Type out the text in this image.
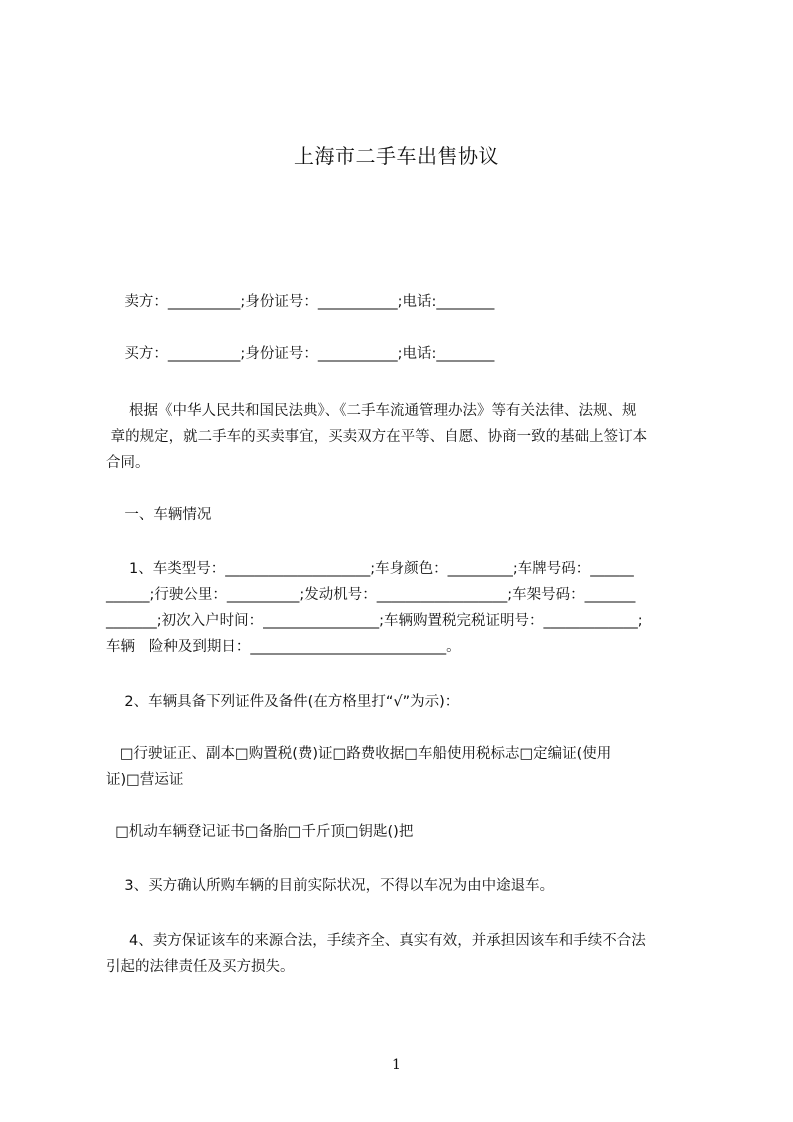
上海市二手车出售协议
卖方：__________;身份证号：___________;电话:________
买方：__________;身份证号：___________;电话:________
根据《中华人民共和国民法典》、《二手车流通管理办法》等有关法律、法规、规
章的规定，就二手车的买卖事宜，买卖双方在平等、自愿、协商一致的基础上签订本
合同。
一、车辆情况
1、车类型号：____________________;车身颜色：_________;车牌号码：______
______;行驶公里：__________;发动机号：__________________;车架号码：_______
_______;初次入户时间：________________;车辆购置税完税证明号：_____________;
车辆   险种及到期日：___________________________。
2、车辆具备下列证件及备件(在方格里打“√”为示)：
□行驶证正、副本□购置税(费)证□路费收据□车船使用税标志□定编证(使用
证)□营运证
□机动车辆登记证书□备胎□千斤顶□钥匙()把
3、买方确认所购车辆的目前实际状况，不得以车况为由中途退车。
4、卖方保证该车的来源合法，手续齐全、真实有效，并承担因该车和手续不合法
引起的法律责任及买方损失。
1
